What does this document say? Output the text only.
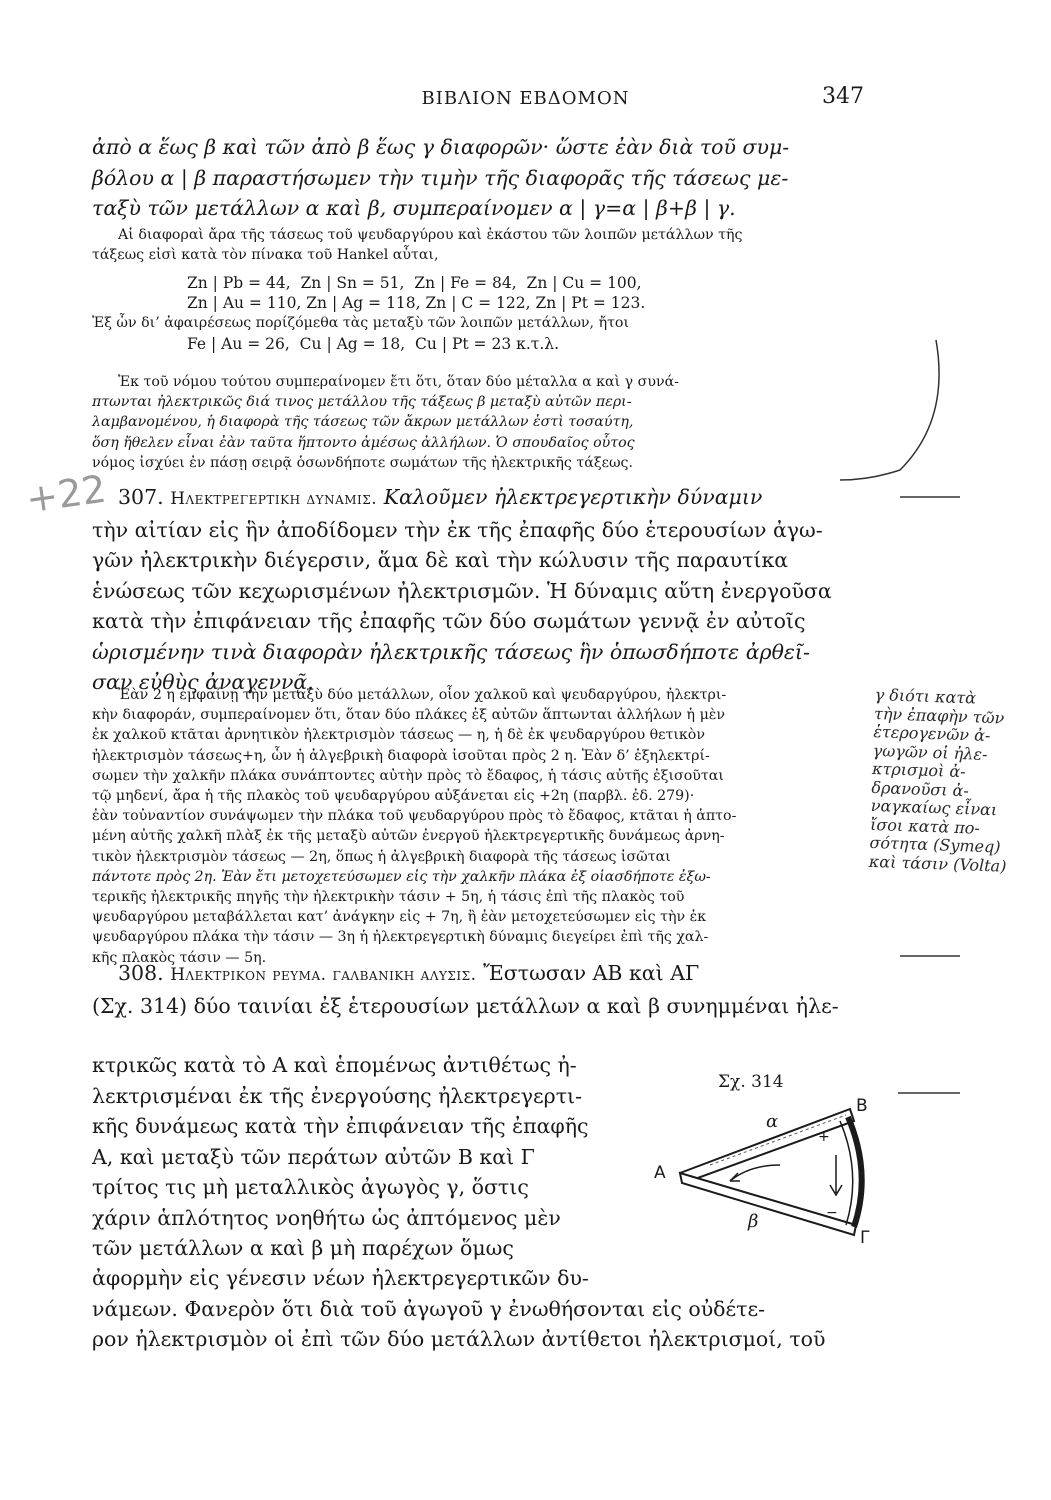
ΒΙΒΛΙΟΝ ΕΒΔΟΜΟΝ	347
+22

ἀπὸ α ἕως β καὶ τῶν ἀπὸ β ἕως γ διαφορῶν· ὥστε ἐὰν διὰ τοῦ συμ-

βόλου α | β παραστήσωμεν τὴν τιμὴν τῆς διαφορᾶς τῆς τάσεως με-

ταξὺ τῶν μετάλλων α καὶ β, συμπεραίνομεν α | γ=α | β+β | γ.

Αἱ διαφοραὶ ἄρα τῆς τάσεως τοῦ ψευδαργύρου καὶ ἑκάστου τῶν λοιπῶν μετάλλων τῆς

τάξεως εἰσὶ κατὰ τὸν πίνακα τοῦ Hankel αὗται,

Zn | Pb = 44,  Zn | Sn = 51,  Zn | Fe = 84,  Zn | Cu = 100,

Zn | Au = 110, Zn | Ag = 118, Zn | C = 122, Zn | Pt = 123.

Ἐξ ὧν δι’ ἀφαιρέσεως πορίζόμεθα τὰς μεταξὺ τῶν λοιπῶν μετάλλων, ἤτοι

Fe | Au = 26,  Cu | Ag = 18,  Cu | Pt = 23 κ.τ.λ.

Ἐκ τοῦ νόμου τούτου συμπεραίνομεν ἔτι ὅτι, ὅταν δύο μέταλλα α καὶ γ συνά-

πτωνται ἠλεκτρικῶς διά τινος μετάλλου τῆς τάξεως β μεταξὺ αὐτῶν περι-

λαμβανομένου, ἡ διαφορὰ τῆς τάσεως τῶν ἄκρων μετάλλων ἐστὶ τοσαύτη,

ὅση ἤθελεν εἶναι ἐὰν ταῦτα ἥπτοντο ἀμέσως ἀλλήλων. Ὁ σπουδαῖος οὗτος

νόμος ἰσχύει ἐν πάσῃ σειρᾷ ὁσωνδήποτε σωμάτων τῆς ἠλεκτρικῆς τάξεως.

307. Ηλεκτρεγερτικη δυναμις. Καλοῦμεν ἠλεκτρεγερτικὴν δύναμιν

τὴν αἰτίαν εἰς ἣν ἀποδίδομεν τὴν ἐκ τῆς ἐπαφῆς δύο ἑτερουσίων ἀγω-

γῶν ἠλεκτρικὴν διέγερσιν, ἅμα δὲ καὶ τὴν κώλυσιν τῆς παραυτίκα

ἑνώσεως τῶν κεχωρισμένων ἠλεκτρισμῶν. Ἡ δύναμις αὕτη ἐνεργοῦσα

κατὰ τὴν ἐπιφάνειαν τῆς ἐπαφῆς τῶν δύο σωμάτων γεννᾷ ἐν αὐτοῖς

ὡρισμένην τινὰ διαφορὰν ἠλεκτρικῆς τάσεως ἣν ὁπωσδήποτε ἀρθεῖ-

σαν εὐθὺς ἀναγεννᾷ.

Ἐὰν 2 η ἐμφαίνῃ τὴν μεταξὺ δύο μετάλλων, οἷον χαλκοῦ καὶ ψευδαργύρου, ἠλεκτρι-

κὴν διαφοράν, συμπεραίνομεν ὅτι, ὅταν δύο πλάκες ἐξ αὐτῶν ἅπτωνται ἀλλήλων ἡ μὲν

ἐκ χαλκοῦ κτᾶται ἀρνητικὸν ἠλεκτρισμὸν τάσεως — η, ἡ δὲ ἐκ ψευδαργύρου θετικὸν

ἠλεκτρισμὸν τάσεως+η, ὧν ἡ ἀλγεβρικὴ διαφορὰ ἰσοῦται πρὸς 2 η. Ἐὰν δ’ ἐξηλεκτρί-

σωμεν τὴν χαλκῆν πλάκα συνάπτοντες αὐτὴν πρὸς τὸ ἔδαφος, ἡ τάσις αὐτῆς ἐξισοῦται

τῷ μηδενί, ἄρα ἡ τῆς πλακὸς τοῦ ψευδαργύρου αὐξάνεται εἰς +2η (παρβλ. ἐδ. 279)·

ἐὰν τοὐναντίον συνάψωμεν τὴν πλάκα τοῦ ψευδαργύρου πρὸς τὸ ἔδαφος, κτᾶται ἡ ἁπτο-

μένη αὐτῆς χαλκῆ πλὰξ ἐκ τῆς μεταξὺ αὐτῶν ἐνεργοῦ ἠλεκτρεγερτικῆς δυνάμεως ἀρνη-

τικὸν ἠλεκτρισμὸν τάσεως — 2η, ὅπως ἡ ἀλγεβρικὴ διαφορὰ τῆς τάσεως ἰσῶται

πάντοτε πρὸς 2η. Ἐὰν ἔτι μετοχετεύσωμεν εἰς τὴν χαλκῆν πλάκα ἐξ οἱασδήποτε ἐξω-

τερικῆς ἠλεκτρικῆς πηγῆς τὴν ἠλεκτρικὴν τάσιν + 5η, ἡ τάσις ἐπὶ τῆς πλακὸς τοῦ

ψευδαργύρου μεταβάλλεται κατ’ ἀνάγκην εἰς + 7η, ἢ ἐὰν μετοχετεύσωμεν εἰς τὴν ἐκ

ψευδαργύρου πλάκα τὴν τάσιν — 3η ἡ ἠλεκτρεγερτικὴ δύναμις διεγείρει ἐπὶ τῆς χαλ-

κῆς πλακὸς τάσιν — 5η.

308. Ηλεκτρικον ρευμα. γαλβανικη αλυσις. Ἔστωσαν ΑΒ καὶ ΑΓ

(Σχ. 314) δύο ταινίαι ἐξ ἑτερουσίων μετάλλων α καὶ β συνημμέναι ἠλε-

κτρικῶς κατὰ τὸ Α καὶ ἑπομένως ἀντιθέτως ἠ-

λεκτρισμέναι ἐκ τῆς ἐνεργούσης ἠλεκτρεγερτι-

κῆς δυνάμεως κατὰ τὴν ἐπιφάνειαν τῆς ἐπαφῆς

Α, καὶ μεταξὺ τῶν περάτων αὐτῶν Β καὶ Γ

τρίτος τις μὴ μεταλλικὸς ἀγωγὸς γ, ὅστις

χάριν ἁπλότητος νοηθήτω ὡς ἀπτόμενος μὲν

τῶν μετάλλων α καὶ β μὴ παρέχων ὅμως

ἀφορμὴν εἰς γένεσιν νέων ἠλεκτρεγερτικῶν δυ-

νάμεων. Φανερὸν ὅτι διὰ τοῦ ἀγωγοῦ γ ἐνωθήσονται εἰς οὐδέτε-

ρον ἠλεκτρισμὸν οἱ ἐπὶ τῶν δύο μετάλλων ἀντίθετοι ἠλεκτρισμοί, τοῦ

Σχ. 314
Α
Β
Γ
α
β
+
−
γ διότι κατὰ
τὴν ἐπαφὴν τῶν
ἑτερογενῶν ἀ-
γωγῶν οἱ ἠλε-
κτρισμοὶ ἀ-
δρανοῦσι ἀ-
ναγκαίως εἶναι
ἴσοι κατὰ πο-
σότητα (Symeq)
καὶ τάσιν (Volta)
